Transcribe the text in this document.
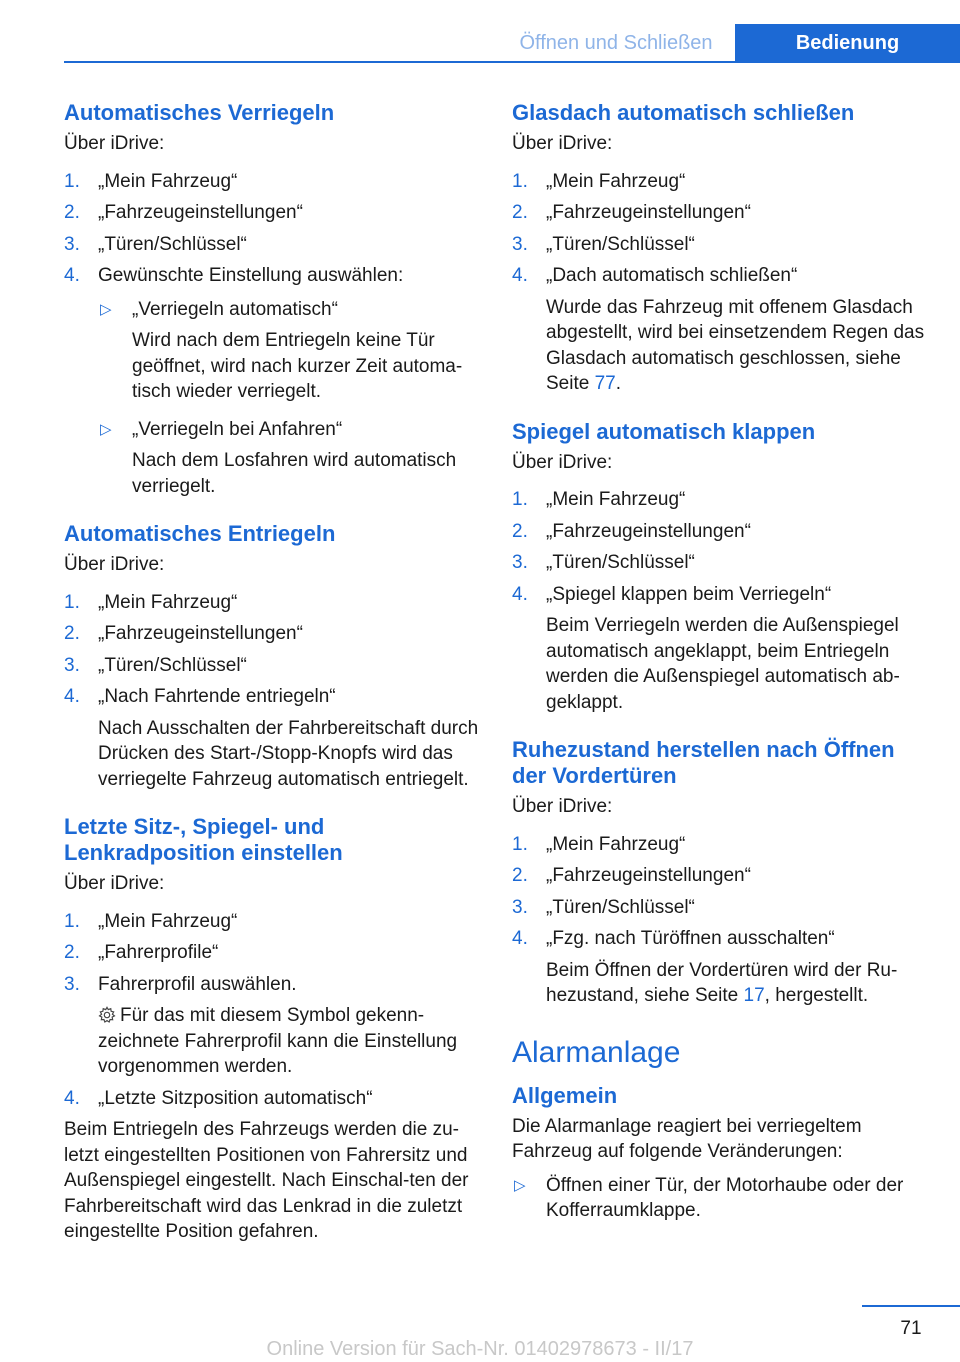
Öffnen und Schließen	Bedienung
Automatisches Verriegeln

Über iDrive:

1. „Mein Fahrzeug“
2. „Fahrzeugeinstellungen“
3. „Türen/Schlüssel“
4. Gewünschte Einstellung auswählen:
▷ „Verriegeln automatisch“
Wird nach dem Entriegeln keine Tür geöffnet, wird nach kurzer Zeit automa‐tisch wieder verriegelt.
▷ „Verriegeln bei Anfahren“
Nach dem Losfahren wird automatisch verriegelt.
Automatisches Entriegeln

Über iDrive:

1. „Mein Fahrzeug“
2. „Fahrzeugeinstellungen“
3. „Türen/Schlüssel“
4. „Nach Fahrtende entriegeln“
Nach Ausschalten der Fahrbereitschaft durch Drücken des Start-/Stopp-Knopfs wird das verriegelte Fahrzeug automatisch entriegelt.
Letzte Sitz-, Spiegel- und Lenkradposition einstellen

Über iDrive:

1. „Mein Fahrzeug“
2. „Fahrerprofile“
3. Fahrerprofil auswählen.
Für das mit diesem Symbol gekenn‐zeichnete Fahrerprofil kann die Einstellung vorgenommen werden.
4. „Letzte Sitzposition automatisch“

Beim Entriegeln des Fahrzeugs werden die zu‐letzt eingestellten Positionen von Fahrersitz und Außenspiegel eingestellt. Nach Einschal‐ten der Fahrbereitschaft wird das Lenkrad in die zuletzt eingestellte Position gefahren.

Glasdach automatisch schließen

Über iDrive:

1. „Mein Fahrzeug“
2. „Fahrzeugeinstellungen“
3. „Türen/Schlüssel“
4. „Dach automatisch schließen“
Wurde das Fahrzeug mit offenem Glasdach abgestellt, wird bei einsetzendem Regen das Glasdach automatisch geschlossen, siehe Seite 77.
Spiegel automatisch klappen

Über iDrive:

1. „Mein Fahrzeug“
2. „Fahrzeugeinstellungen“
3. „Türen/Schlüssel“
4. „Spiegel klappen beim Verriegeln“
Beim Verriegeln werden die Außenspiegel automatisch angeklappt, beim Entriegeln werden die Außenspiegel automatisch ab‐geklappt.
Ruhezustand herstellen nach Öffnen der Vordertüren

Über iDrive:

1. „Mein Fahrzeug“
2. „Fahrzeugeinstellungen“
3. „Türen/Schlüssel“
4. „Fzg. nach Türöffnen ausschalten“
Beim Öffnen der Vordertüren wird der Ru‐hezustand, siehe Seite 17, hergestellt.
Alarmanlage
Allgemein

Die Alarmanlage reagiert bei verriegeltem Fahrzeug auf folgende Veränderungen:

▷ Öffnen einer Tür, der Motorhaube oder der Kofferraumklappe.
71
Online Version für Sach-Nr. 01402978673 - II/17
